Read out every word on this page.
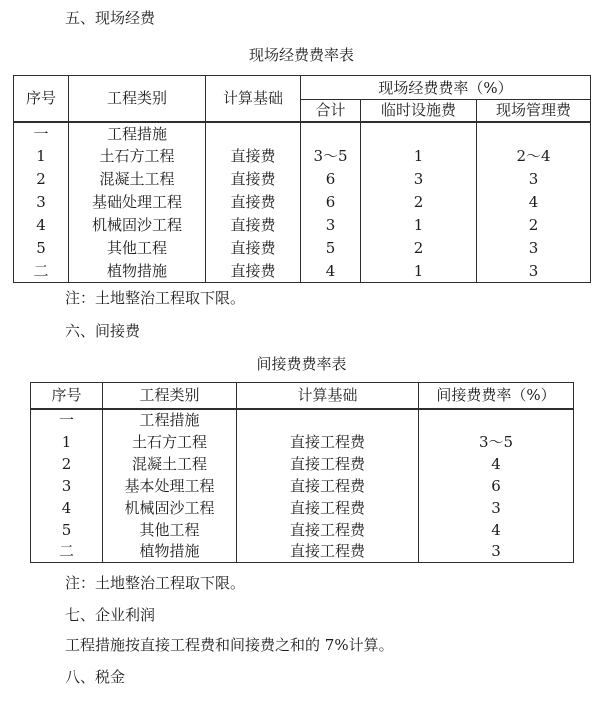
五、现场经费
现场经费费率表
序号	工程类别	计算基础	现场经费费率（%）		
			合计	临时设施费	现场管理费
一	工程措施				
1	土石方工程	直接费	3～5	1	2～4
2	混凝土工程	直接费	6	3	3
3	基础处理工程	直接费	6	2	4
4	机械固沙工程	直接费	3	1	2
5	其他工程	直接费	5	2	3
二	植物措施	直接费	4	1	3
注：土地整治工程取下限。
六、间接费
间接费费率表
序号	工程类别	计算基础	间接费费率（%）
一	工程措施		
1	土石方工程	直接工程费	3～5
2	混凝土工程	直接工程费	4
3	基本处理工程	直接工程费	6
4	机械固沙工程	直接工程费	3
5	其他工程	直接工程费	4
二	植物措施	直接工程费	3
注：土地整治工程取下限。
七、企业利润
工程措施按直接工程费和间接费之和的 7%计算。
八、税金
